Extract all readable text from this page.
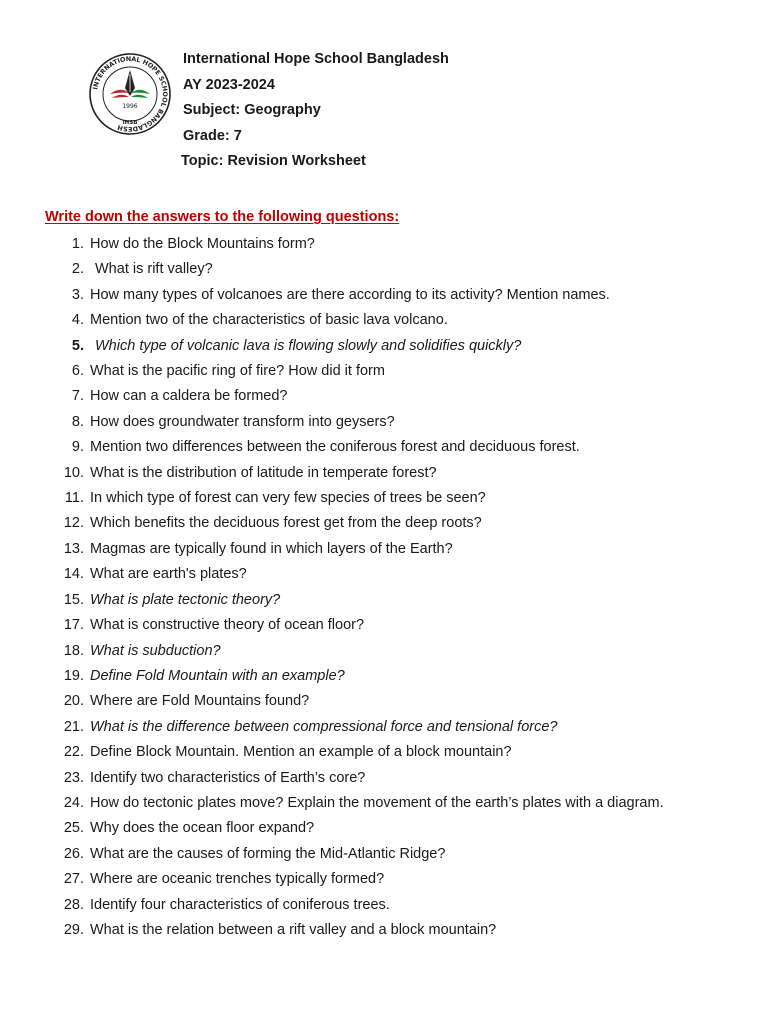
INTERNATIONAL HOPE SCHOOL BANGLADESH
1996
IHSB
International Hope School Bangladesh
AY 2023-2024
Subject: Geography
Grade: 7
Topic: Revision Worksheet
Write down the answers to the following questions:
1. How do the Block Mountains form?
2. What is rift valley?
3. How many types of volcanoes are there according to its activity? Mention names.
4. Mention two of the characteristics of basic lava volcano.
5. Which type of volcanic lava is flowing slowly and solidifies quickly?
6. What is the pacific ring of fire? How did it form
7. How can a caldera be formed?
8. How does groundwater transform into geysers?
9. Mention two differences between the coniferous forest and deciduous forest.
10. What is the distribution of latitude in temperate forest?
11. In which type of forest can very few species of trees be seen?
12. Which benefits the deciduous forest get from the deep roots?
13. Magmas are typically found in which layers of the Earth?
14. What are earth's plates?
15. What is plate tectonic theory?
17. What is constructive theory of ocean floor?
18. What is subduction?
19. Define Fold Mountain with an example?
20. Where are Fold Mountains found?
21. What is the difference between compressional force and tensional force?
22. Define Block Mountain. Mention an example of a block mountain?
23. Identify two characteristics of Earth’s core?
24. How do tectonic plates move? Explain the movement of the earth’s plates with a diagram.
25. Why does the ocean floor expand?
26. What are the causes of forming the Mid-Atlantic Ridge?
27. Where are oceanic trenches typically formed?
28. Identify four characteristics of coniferous trees.
29. What is the relation between a rift valley and a block mountain?
